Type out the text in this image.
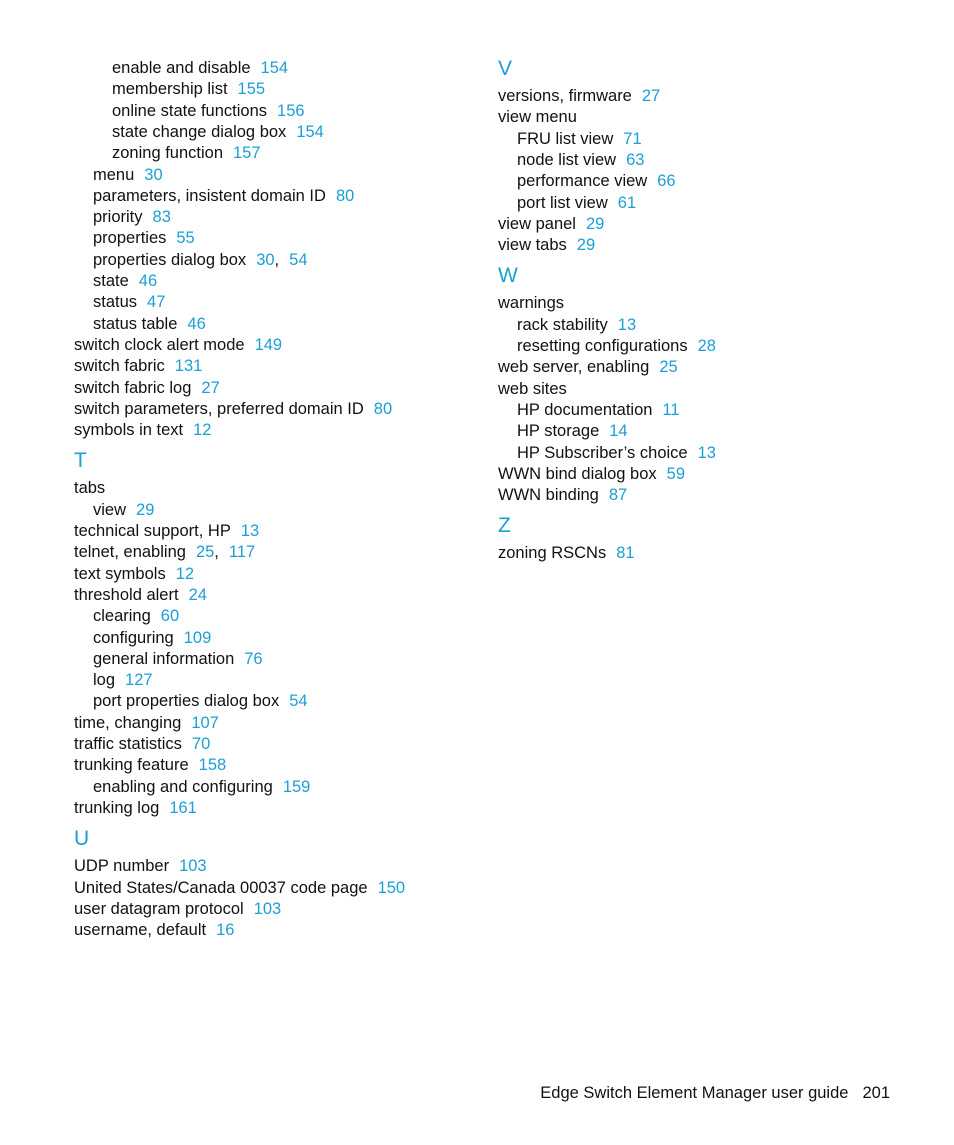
enable and disable 154
membership list 155
online state functions 156
state change dialog box 154
zoning function 157
menu 30
parameters, insistent domain ID 80
priority 83
properties 55
properties dialog box 30, 54
state 46
status 47
status table 46
switch clock alert mode 149
switch fabric 131
switch fabric log 27
switch parameters, preferred domain ID 80
symbols in text 12
T
tabs
view 29
technical support, HP 13
telnet, enabling 25, 117
text symbols 12
threshold alert 24
clearing 60
configuring 109
general information 76
log 127
port properties dialog box 54
time, changing 107
traffic statistics 70
trunking feature 158
enabling and configuring 159
trunking log 161
U
UDP number 103
United States/Canada 00037 code page 150
user datagram protocol 103
username, default 16
V
versions, firmware 27
view menu
FRU list view 71
node list view 63
performance view 66
port list view 61
view panel 29
view tabs 29
W
warnings
rack stability 13
resetting configurations 28
web server, enabling 25
web sites
HP documentation 11
HP storage 14
HP Subscriber’s choice 13
WWN bind dialog box 59
WWN binding 87
Z
zoning RSCNs 81
Edge Switch Element Manager user guide 201
